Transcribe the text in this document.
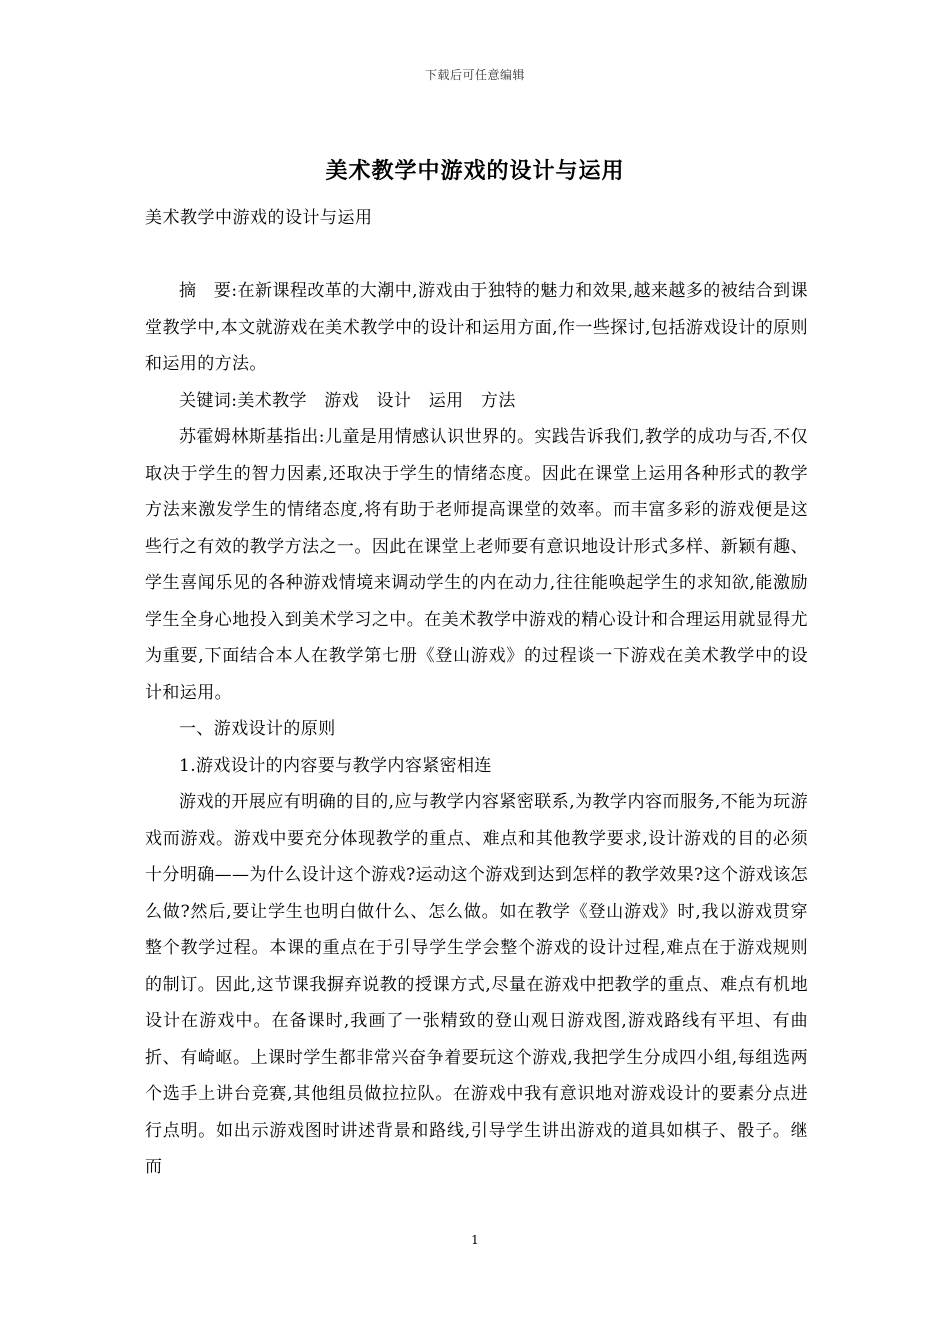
下载后可任意编辑
美术教学中游戏的设计与运用
美术教学中游戏的设计与运用

摘　要:在新课程改革的大潮中,游戏由于独特的魅力和效果,越来越多的被结合到课堂教学中,本文就游戏在美术教学中的设计和运用方面,作一些探讨,包括游戏设计的原则和运用的方法。

关键词:美术教学　游戏　设计　运用　方法

苏霍姆林斯基指出:儿童是用情感认识世界的。实践告诉我们,教学的成功与否,不仅取决于学生的智力因素,还取决于学生的情绪态度。因此在课堂上运用各种形式的教学方法来激发学生的情绪态度,将有助于老师提高课堂的效率。而丰富多彩的游戏便是这些行之有效的教学方法之一。因此在课堂上老师要有意识地设计形式多样、新颖有趣、学生喜闻乐见的各种游戏情境来调动学生的内在动力,往往能唤起学生的求知欲,能激励学生全身心地投入到美术学习之中。在美术教学中游戏的精心设计和合理运用就显得尤为重要,下面结合本人在教学第七册《登山游戏》的过程谈一下游戏在美术教学中的设计和运用。

一、游戏设计的原则

1.游戏设计的内容要与教学内容紧密相连

游戏的开展应有明确的目的,应与教学内容紧密联系,为教学内容而服务,不能为玩游戏而游戏。游戏中要充分体现教学的重点、难点和其他教学要求,设计游戏的目的必须十分明确——为什么设计这个游戏?运动这个游戏到达到怎样的教学效果?这个游戏该怎么做?然后,要让学生也明白做什么、怎么做。如在教学《登山游戏》时,我以游戏贯穿整个教学过程。本课的重点在于引导学生学会整个游戏的设计过程,难点在于游戏规则的制订。因此,这节课我摒弃说教的授课方式,尽量在游戏中把教学的重点、难点有机地设计在游戏中。在备课时,我画了一张精致的登山观日游戏图,游戏路线有平坦、有曲折、有崎岖。上课时学生都非常兴奋争着要玩这个游戏,我把学生分成四小组,每组选两个选手上讲台竞赛,其他组员做拉拉队。在游戏中我有意识地对游戏设计的要素分点进行点明。如出示游戏图时讲述背景和路线,引导学生讲出游戏的道具如棋子、骰子。继而

1
